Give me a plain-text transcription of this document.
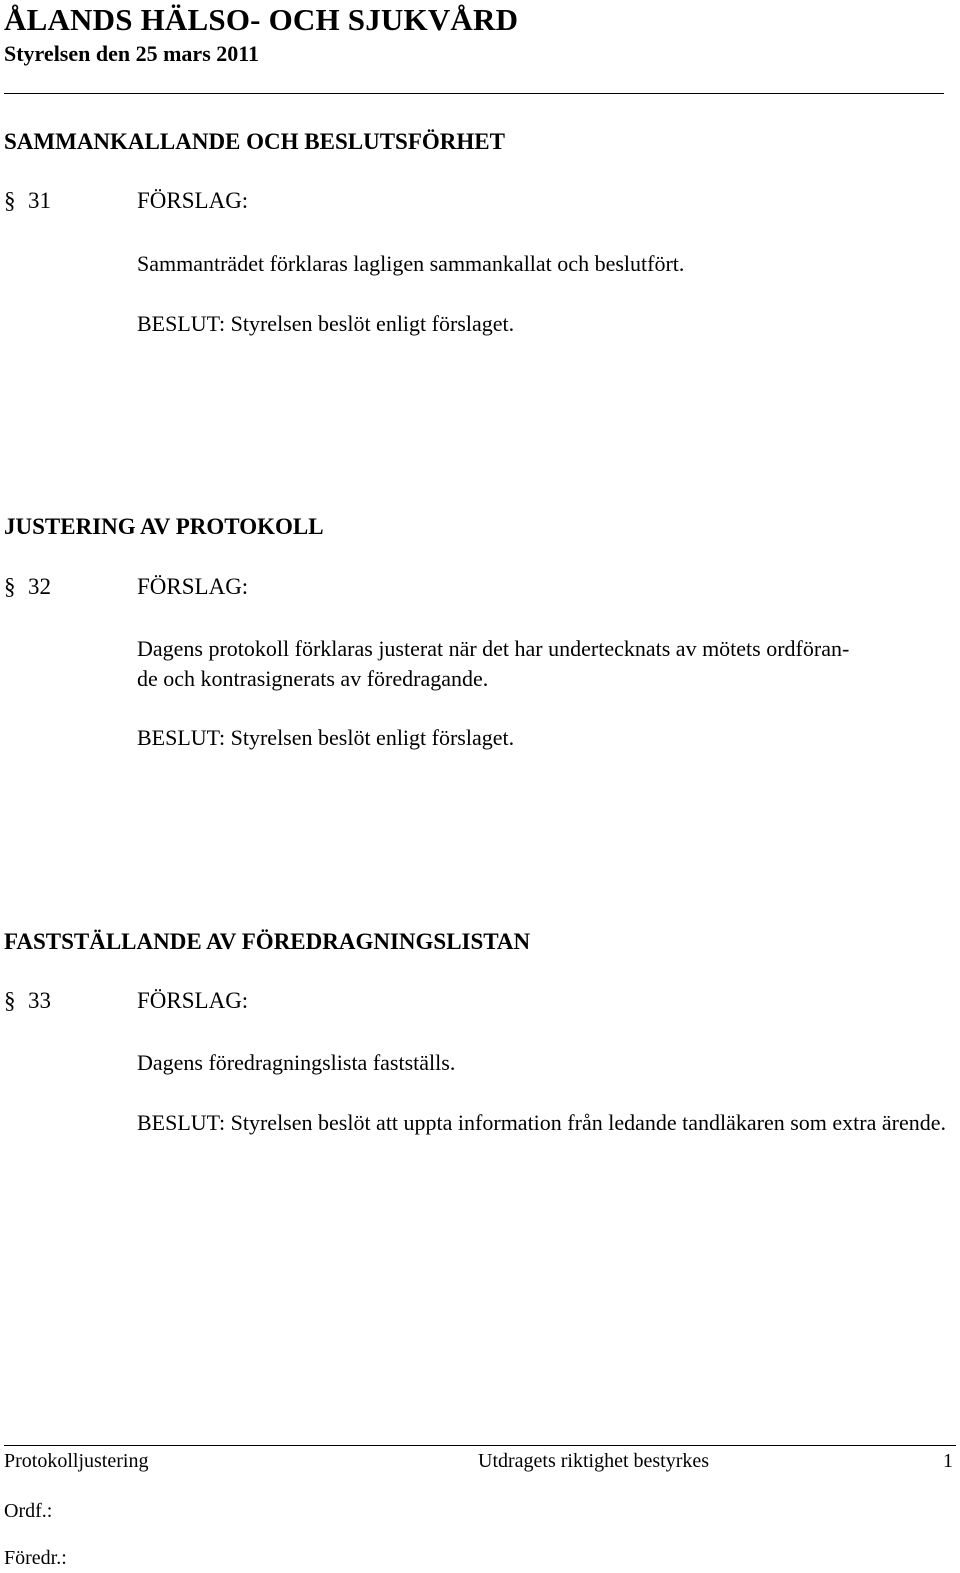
ÅLANDS HÄLSO- OCH SJUKVÅRD
Styrelsen den 25 mars 2011
SAMMANKALLANDE OCH BESLUTSFÖRHET
§ 31	FÖRSLAG:
Sammanträdet förklaras lagligen sammankallat och beslutfört.
BESLUT: Styrelsen beslöt enligt förslaget.
JUSTERING AV PROTOKOLL
§ 32	FÖRSLAG:
Dagens protokoll förklaras justerat när det har undertecknats av mötets ordföran-
de och kontrasignerats av föredragande.
BESLUT: Styrelsen beslöt enligt förslaget.
FASTSTÄLLANDE AV FÖREDRAGNINGSLISTAN
§ 33	FÖRSLAG:
Dagens föredragningslista fastställs.
BESLUT: Styrelsen beslöt att uppta information från ledande tandläkaren som extra ärende.
Protokolljustering	Utdragets riktighet bestyrkes	1
Ordf.:
Föredr.:
